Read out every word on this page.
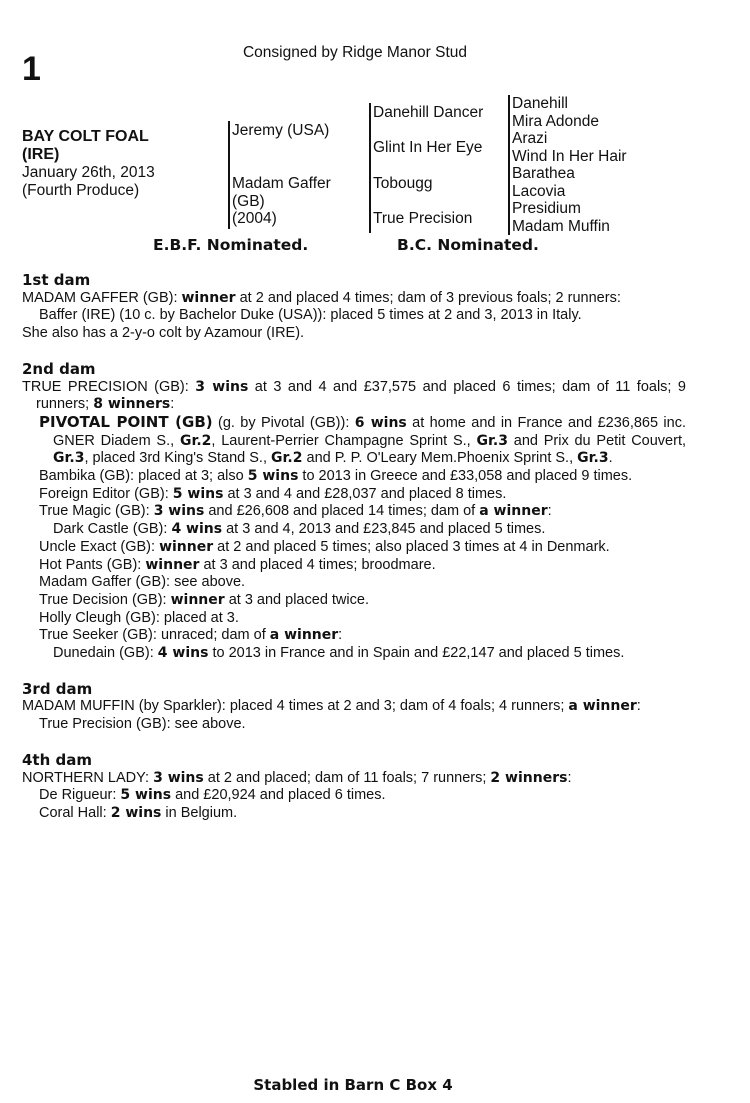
1	Consigned by Ridge Manor Stud
BAY COLT FOAL
(IRE)
January 26th, 2013
(Fourth Produce)
Jeremy (USA)
Madam Gaffer
(GB)
(2004)
Danehill Dancer
Glint In Her Eye
Tobougg
True Precision
Danehill
Mira Adonde
Arazi
Wind In Her Hair
Barathea
Lacovia
Presidium
Madam Muffin
E.B.F. Nominated.	B.C. Nominated.

1st dam

MADAM GAFFER (GB): winner at 2 and placed 4 times; dam of 3 previous foals; 2 runners:

Baffer (IRE) (10 c. by Bachelor Duke (USA)): placed 5 times at 2 and 3, 2013 in Italy.

She also has a 2-y-o colt by Azamour (IRE).

2nd dam

TRUE PRECISION (GB): 3 wins at 3 and 4 and £37,575 and placed 6 times; dam of 11 foals; 9 runners; 8 winners:

PIVOTAL POINT (GB) (g. by Pivotal (GB)): 6 wins at home and in France and £236,865 inc. GNER Diadem S., Gr.2, Laurent-Perrier Champagne Sprint S., Gr.3 and Prix du Petit Couvert, Gr.3, placed 3rd King's Stand S., Gr.2 and P. P. O'Leary Mem.Phoenix Sprint S., Gr.3.

Bambika (GB): placed at 3; also 5 wins to 2013 in Greece and £33,058 and placed 9 times.

Foreign Editor (GB): 5 wins at 3 and 4 and £28,037 and placed 8 times.

True Magic (GB): 3 wins and £26,608 and placed 14 times; dam of a winner:

Dark Castle (GB): 4 wins at 3 and 4, 2013 and £23,845 and placed 5 times.

Uncle Exact (GB): winner at 2 and placed 5 times; also placed 3 times at 4 in Denmark.

Hot Pants (GB): winner at 3 and placed 4 times; broodmare.

Madam Gaffer (GB): see above.

True Decision (GB): winner at 3 and placed twice.

Holly Cleugh (GB): placed at 3.

True Seeker (GB): unraced; dam of a winner:

Dunedain (GB): 4 wins to 2013 in France and in Spain and £22,147 and placed 5 times.

3rd dam

MADAM MUFFIN (by Sparkler): placed 4 times at 2 and 3; dam of 4 foals; 4 runners; a winner:

True Precision (GB): see above.

4th dam

NORTHERN LADY: 3 wins at 2 and placed; dam of 11 foals; 7 runners; 2 winners:

De Rigueur: 5 wins and £20,924 and placed 6 times.

Coral Hall: 2 wins in Belgium.

Stabled in Barn C Box 4
